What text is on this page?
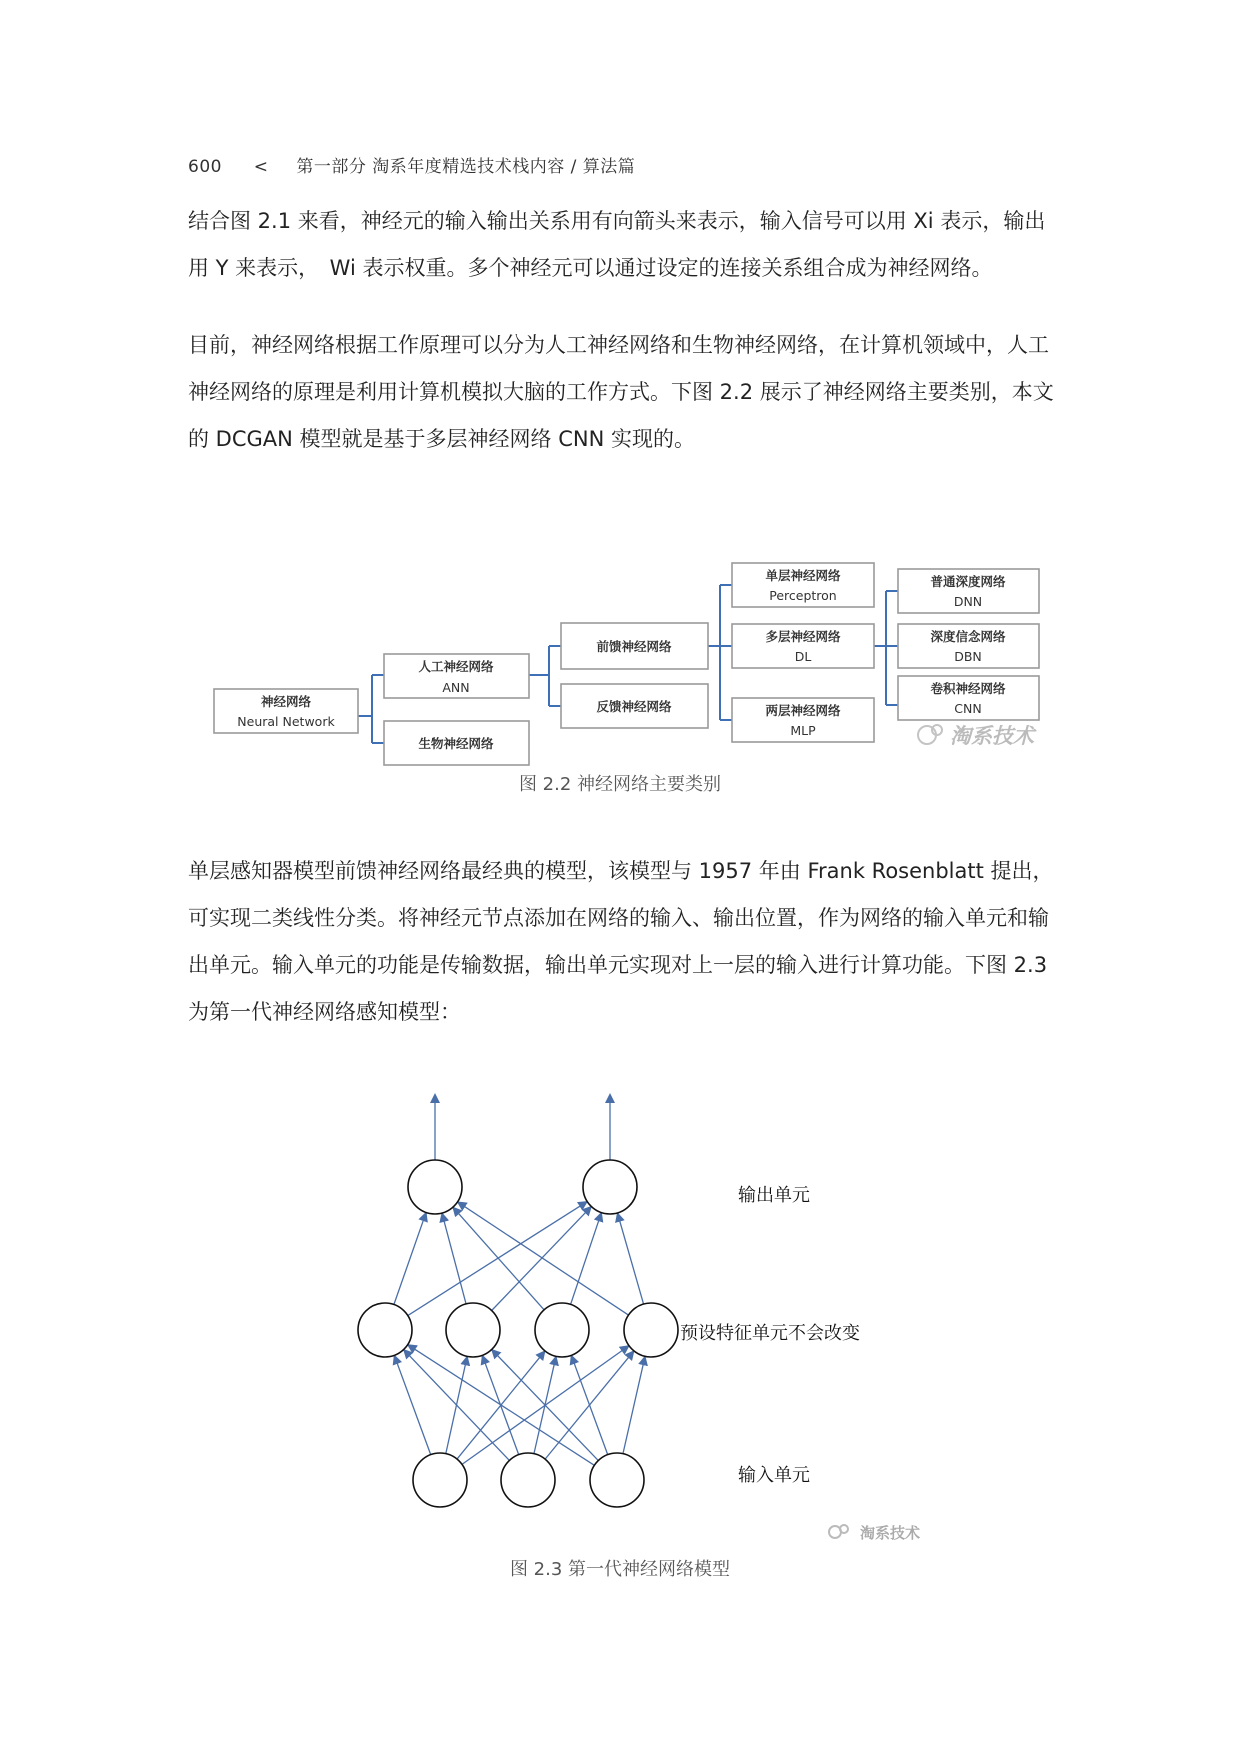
600 < 第一部分 淘系年度精选技术栈内容 / 算法篇

结合图 2.1 来看，神经元的输入输出关系用有向箭头来表示，输入信号可以用 Xi 表示，输出用 Y 来表示，　Wi 表示权重。多个神经元可以通过设定的连接关系组合成为神经网络。

目前，神经网络根据工作原理可以分为人工神经网络和生物神经网络，在计算机领域中，人工神经网络的原理是利用计算机模拟大脑的工作方式。下图 2.2 展示了神经网络主要类别，本文的 DCGAN 模型就是基于多层神经网络 CNN 实现的。

神经网络
Neural Network
人工神经网络
ANN
生物神经网络
前馈神经网络
反馈神经网络
单层神经网络
Perceptron
多层神经网络
DL
两层神经网络
MLP
普通深度网络
DNN
深度信念网络
DBN
卷积神经网络
CNN
淘系技术
图 2.2 神经网络主要类别

单层感知器模型前馈神经网络最经典的模型，该模型与 1957 年由 Frank Rosenblatt 提出，可实现二类线性分类。将神经元节点添加在网络的输入、输出位置，作为网络的输入单元和输出单元。输入单元的功能是传输数据，输出单元实现对上一层的输入进行计算功能。下图 2.3 为第一代神经网络感知模型：

输出单元
预设特征单元不会改变
输入单元
淘系技术
图 2.3 第一代神经网络模型
